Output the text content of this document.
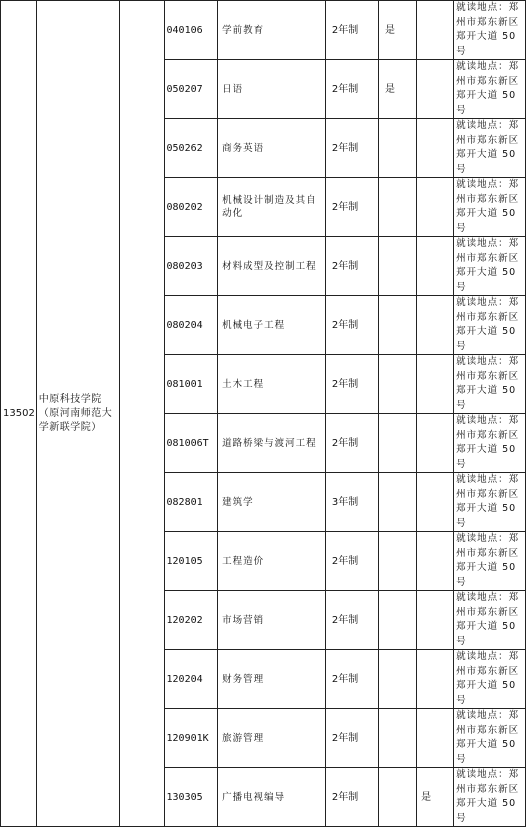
13502	中原科技学院（原河南师范大学新联学院）		040106	学前教育	2年制	是		就读地点：郑州市郑东新区郑开大道 50号
			050207	日语	2年制	是		就读地点：郑州市郑东新区郑开大道 50号
			050262	商务英语	2年制			就读地点：郑州市郑东新区郑开大道 50号
			080202	机械设计制造及其自动化	2年制			就读地点：郑州市郑东新区郑开大道 50号
			080203	材料成型及控制工程	2年制			就读地点：郑州市郑东新区郑开大道 50号
			080204	机械电子工程	2年制			就读地点：郑州市郑东新区郑开大道 50号
			081001	土木工程	2年制			就读地点：郑州市郑东新区郑开大道 50号
			081006T	道路桥梁与渡河工程	2年制			就读地点：郑州市郑东新区郑开大道 50号
			082801	建筑学	3年制			就读地点：郑州市郑东新区郑开大道 50号
			120105	工程造价	2年制			就读地点：郑州市郑东新区郑开大道 50号
			120202	市场营销	2年制			就读地点：郑州市郑东新区郑开大道 50号
			120204	财务管理	2年制			就读地点：郑州市郑东新区郑开大道 50号
			120901K	旅游管理	2年制			就读地点：郑州市郑东新区郑开大道 50号
			130305	广播电视编导	2年制		是	就读地点：郑州市郑东新区郑开大道 50号
